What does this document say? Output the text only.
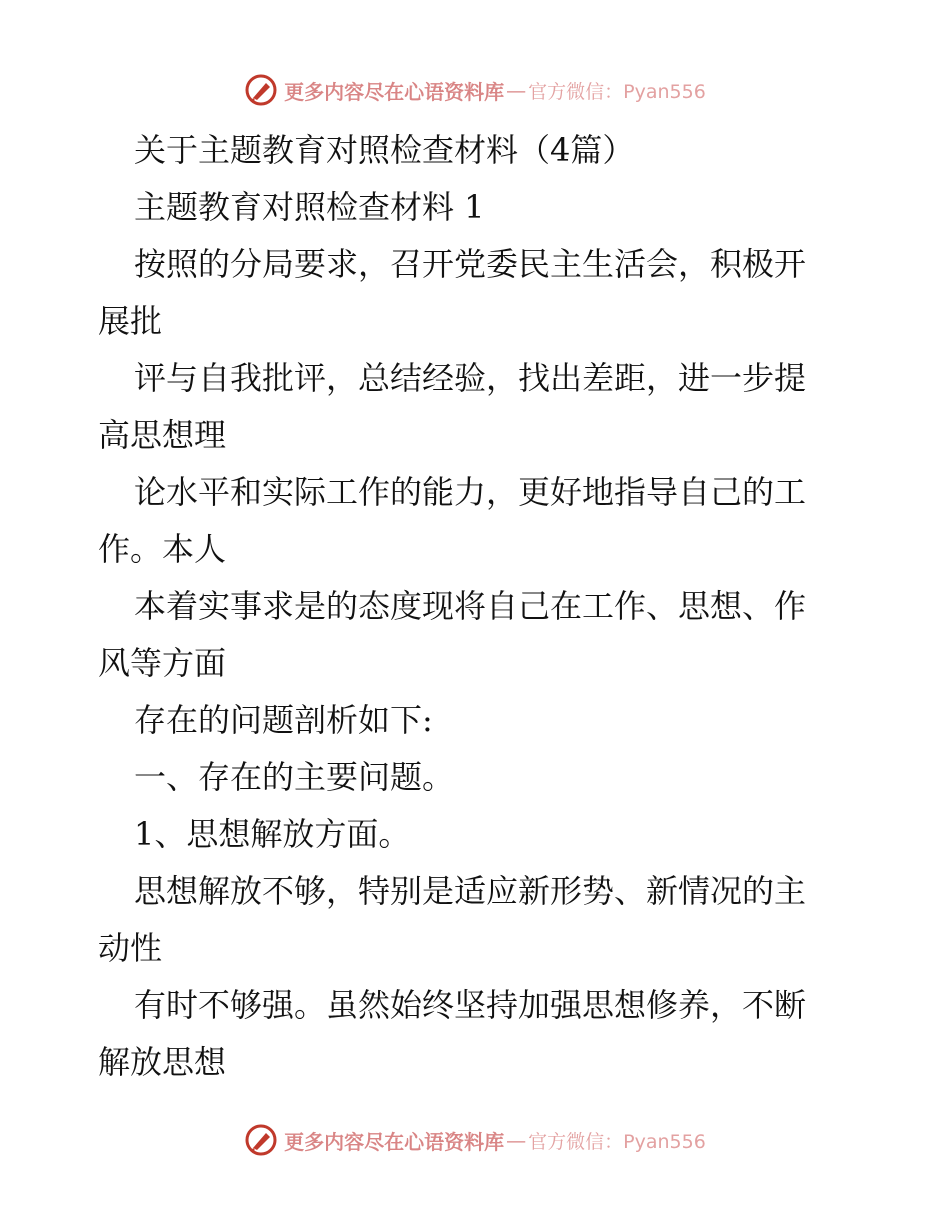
更多内容尽在心语资料库 — 官方微信：Pyan556

关于主题教育对照检查材料（4篇）

主题教育对照检查材料 1

按照的分局要求，召开党委民主生活会，积极开

展批

评与自我批评，总结经验，找出差距，进一步提

高思想理

论水平和实际工作的能力，更好地指导自己的工

作。本人

本着实事求是的态度现将自己在工作、思想、作

风等方面

存在的问题剖析如下:

一、存在的主要问题。

1、思想解放方面。

思想解放不够，特别是适应新形势、新情况的主

动性

有时不够强。虽然始终坚持加强思想修养，不断

解放思想

更多内容尽在心语资料库 — 官方微信：Pyan556
